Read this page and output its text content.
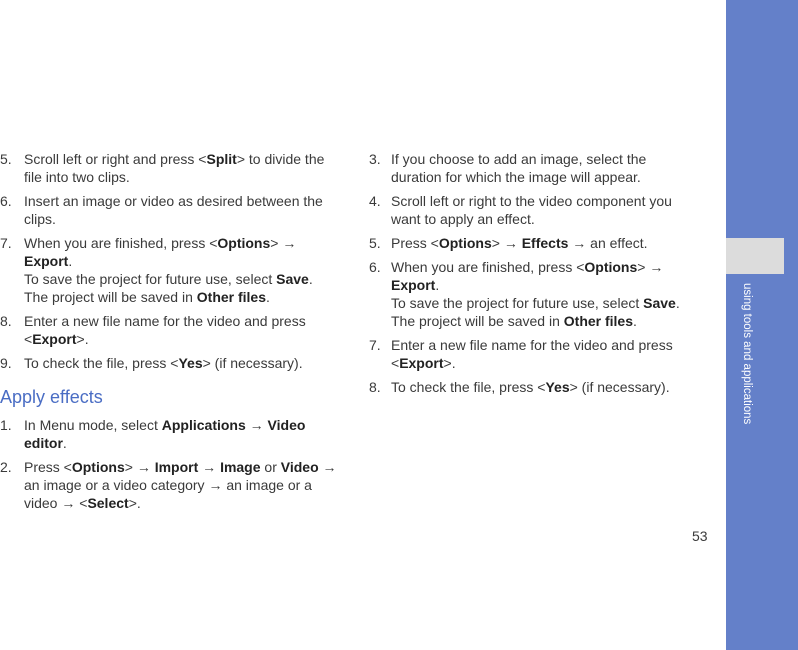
using tools and applications
5. Scroll left or right and press <Split> to divide the file into two clips.
6. Insert an image or video as desired between the clips.
7. When you are finished, press <Options> → Export.
To save the project for future use, select Save. The project will be saved in Other files.
8. Enter a new file name for the video and press <Export>.
9. To check the file, press <Yes> (if necessary).
Apply effects
1. In Menu mode, select Applications → Video editor.
2. Press <Options> → Import → Image or Video → an image or a video category → an image or a video → <Select>.
3. If you choose to add an image, select the duration for which the image will appear.
4. Scroll left or right to the video component you want to apply an effect.
5. Press <Options> → Effects → an effect.
6. When you are finished, press <Options> → Export.
To save the project for future use, select Save. The project will be saved in Other files.
7. Enter a new file name for the video and press <Export>.
8. To check the file, press <Yes> (if necessary).
53
